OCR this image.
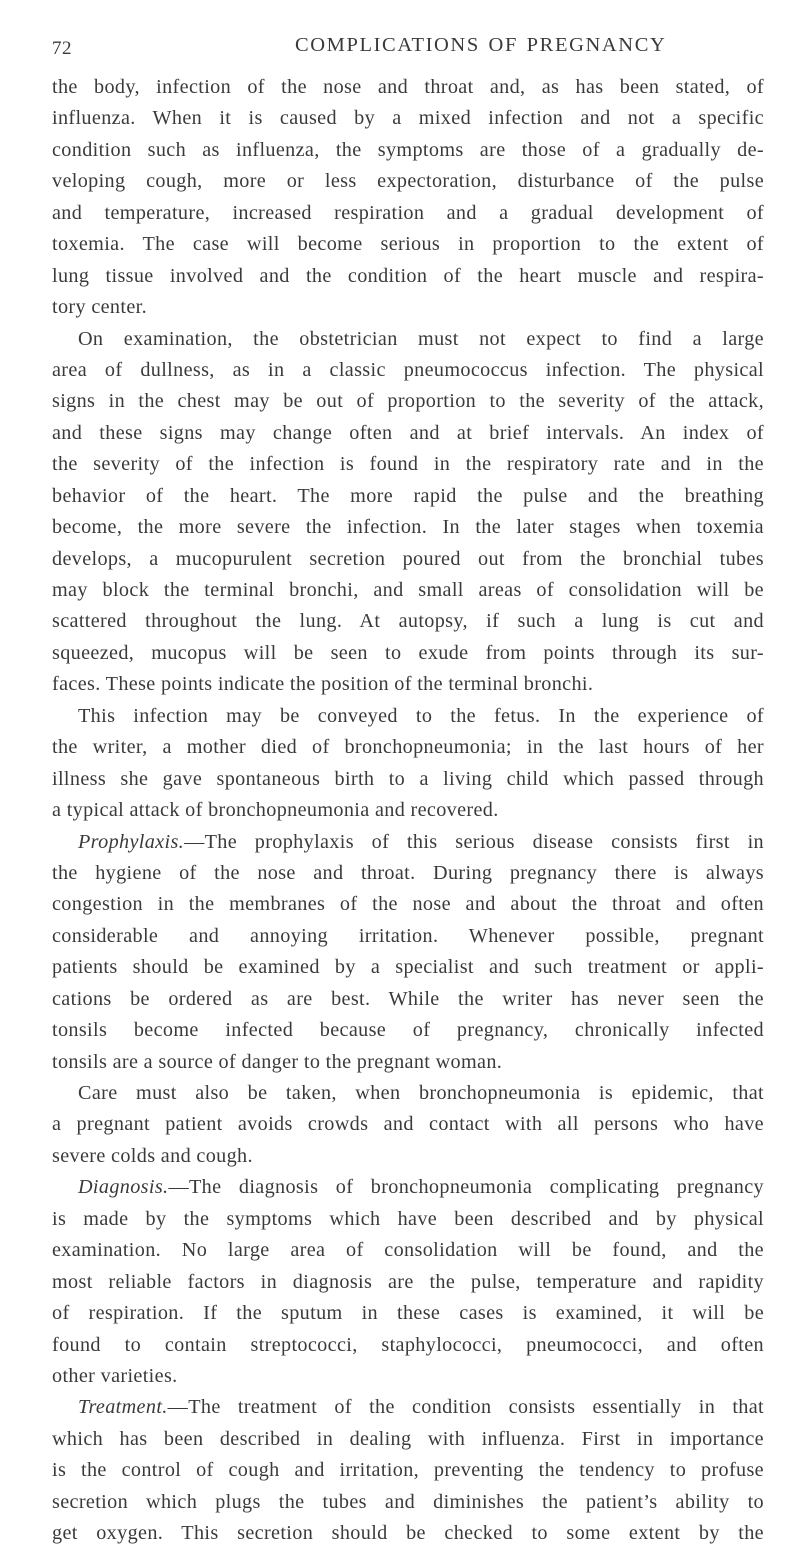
72	COMPLICATIONS OF PREGNANCY
the body, infection of the nose and throat and, as has been stated, of
influenza. When it is caused by a mixed infection and not a specific
condition such as influenza, the symptoms are those of a gradually de-
veloping cough, more or less expectoration, disturbance of the pulse
and temperature, increased respiration and a gradual development of
toxemia. The case will become serious in proportion to the extent of
lung tissue involved and the condition of the heart muscle and respira-
tory center.
On examination, the obstetrician must not expect to find a large
area of dullness, as in a classic pneumococcus infection. The physical
signs in the chest may be out of proportion to the severity of the attack,
and these signs may change often and at brief intervals. An index of
the severity of the infection is found in the respiratory rate and in the
behavior of the heart. The more rapid the pulse and the breathing
become, the more severe the infection. In the later stages when toxemia
develops, a mucopurulent secretion poured out from the bronchial tubes
may block the terminal bronchi, and small areas of consolidation will be
scattered throughout the lung. At autopsy, if such a lung is cut and
squeezed, mucopus will be seen to exude from points through its sur-
faces. These points indicate the position of the terminal bronchi.
This infection may be conveyed to the fetus. In the experience of
the writer, a mother died of bronchopneumonia; in the last hours of her
illness she gave spontaneous birth to a living child which passed through
a typical attack of bronchopneumonia and recovered.
Prophylaxis.—The prophylaxis of this serious disease consists first in
the hygiene of the nose and throat. During pregnancy there is always
congestion in the membranes of the nose and about the throat and often
considerable and annoying irritation. Whenever possible, pregnant
patients should be examined by a specialist and such treatment or appli-
cations be ordered as are best. While the writer has never seen the
tonsils become infected because of pregnancy, chronically infected
tonsils are a source of danger to the pregnant woman.
Care must also be taken, when bronchopneumonia is epidemic, that
a pregnant patient avoids crowds and contact with all persons who have
severe colds and cough.
Diagnosis.—The diagnosis of bronchopneumonia complicating pregnancy
is made by the symptoms which have been described and by physical
examination. No large area of consolidation will be found, and the
most reliable factors in diagnosis are the pulse, temperature and rapidity
of respiration. If the sputum in these cases is examined, it will be
found to contain streptococci, staphylococci, pneumococci, and often
other varieties.
Treatment.—The treatment of the condition consists essentially in that
which has been described in dealing with influenza. First in importance
is the control of cough and irritation, preventing the tendency to profuse
secretion which plugs the tubes and diminishes the patient’s ability to
get oxygen. This secretion should be checked to some extent by the
